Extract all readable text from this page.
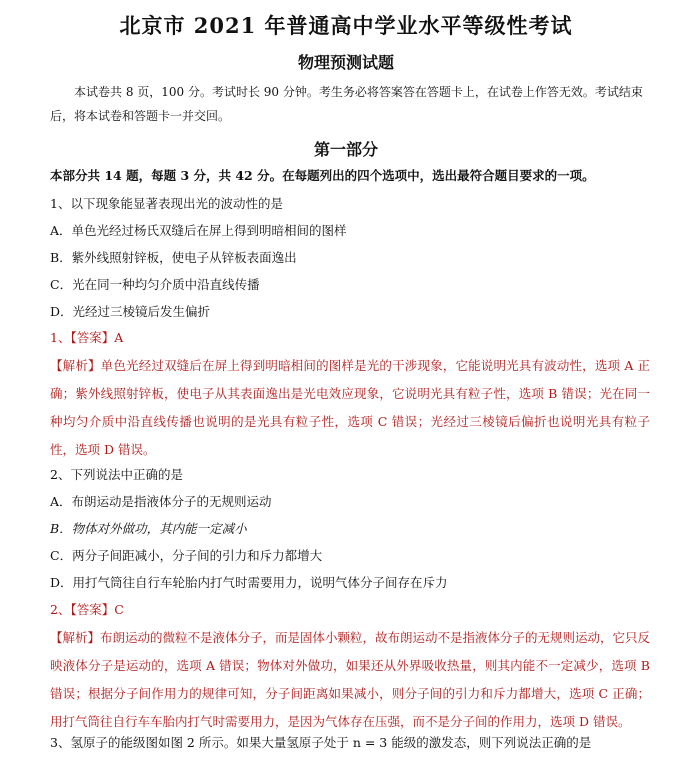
北京市 2021 年普通高中学业水平等级性考试
物理预测试题
本试卷共 8 页，100 分。考试时长 90 分钟。考生务必将答案答在答题卡上，在试卷上作答无效。考试结束后，将本试卷和答题卡一并交回。
第一部分
本部分共 14 题，每题 3 分，共 42 分。在每题列出的四个选项中，选出最符合题目要求的一项。
1、以下现象能显著表现出光的波动性的是
A．单色光经过杨氏双缝后在屏上得到明暗相间的图样
B．紫外线照射锌板，使电子从锌板表面逸出
C．光在同一种均匀介质中沿直线传播
D．光经过三棱镜后发生偏折
1、【答案】A
【解析】单色光经过双缝后在屏上得到明暗相间的图样是光的干涉现象，它能说明光具有波动性，选项 A 正确；紫外线照射锌板，使电子从其表面逸出是光电效应现象，它说明光具有粒子性，选项 B 错误；光在同一种均匀介质中沿直线传播也说明的是光具有粒子性，选项 C 错误；光经过三棱镜后偏折也说明光具有粒子性，选项 D 错误。
2、下列说法中正确的是
A．布朗运动是指液体分子的无规则运动
B．物体对外做功，其内能一定减小
C．两分子间距减小，分子间的引力和斥力都增大
D．用打气筒往自行车轮胎内打气时需要用力，说明气体分子间存在斥力
2、【答案】C
【解析】布朗运动的微粒不是液体分子，而是固体小颗粒，故布朗运动不是指液体分子的无规则运动，它只反映液体分子是运动的，选项 A 错误；物体对外做功，如果还从外界吸收热量，则其内能不一定减少，选项 B 错误；根据分子间作用力的规律可知，分子间距离如果减小，则分子间的引力和斥力都增大，选项 C 正确；用打气筒往自行车车胎内打气时需要用力，是因为气体存在压强，而不是分子间的作用力，选项 D 错误。
3、氢原子的能级图如图 2 所示。如果大量氢原子处于 n = 3 能级的激发态，则下列说法正确的是
